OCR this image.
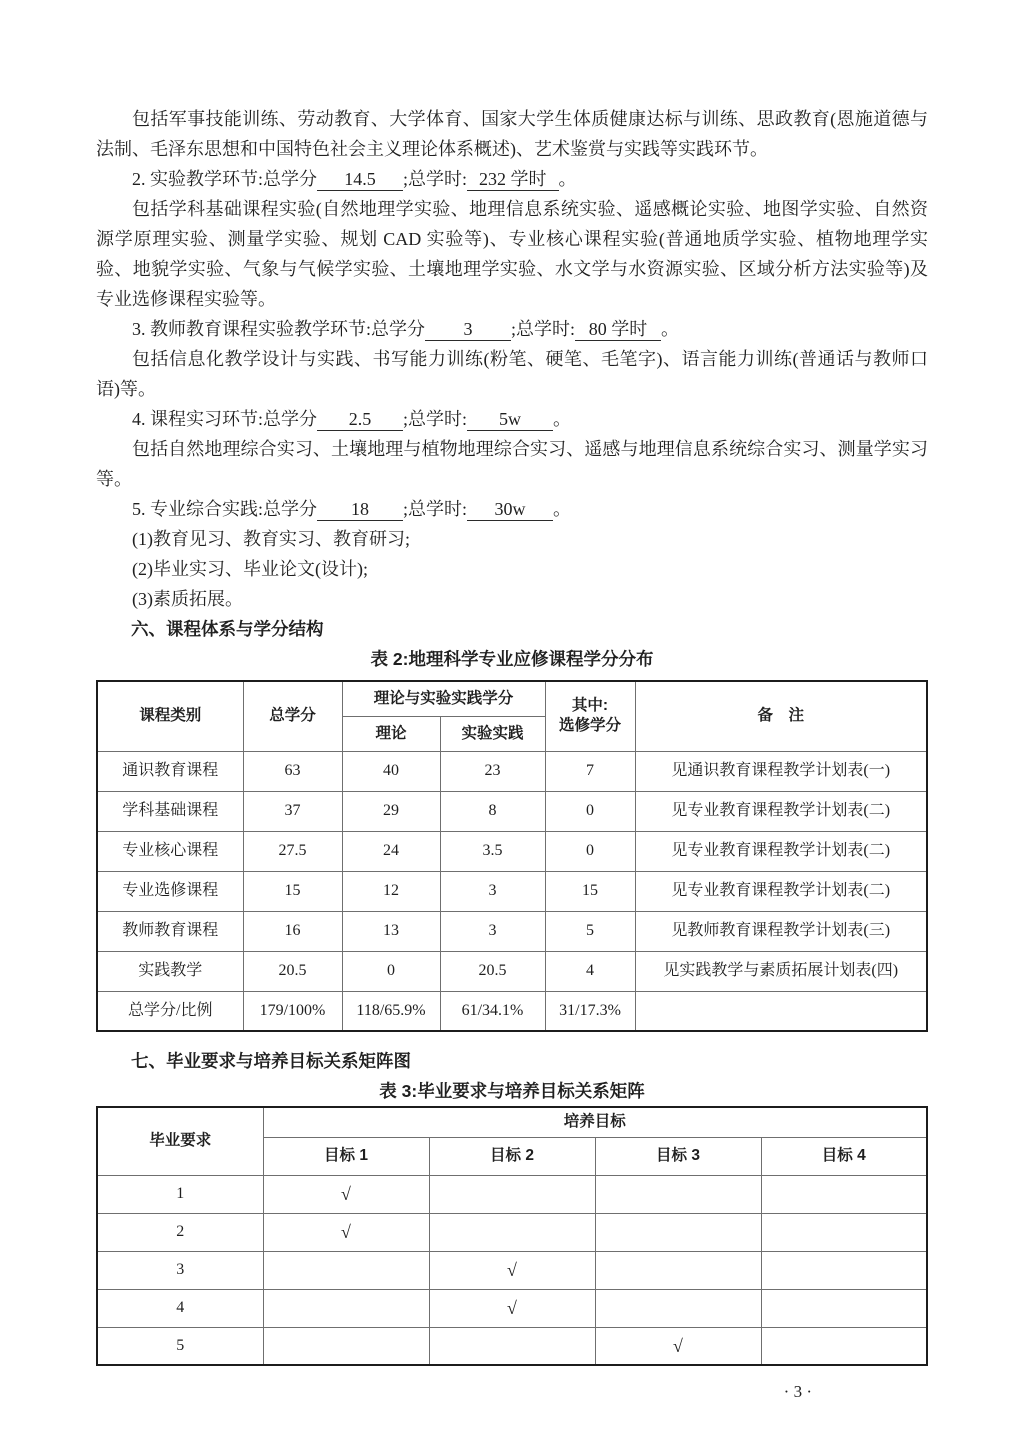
包括军事技能训练、劳动教育、大学体育、国家大学生体质健康达标与训练、思政教育(恩施道德与法制、毛泽东思想和中国特色社会主义理论体系概述)、艺术鉴赏与实践等实践环节。

2. 实验教学环节:总学分 14.5 ;总学时: 232 学时 。

包括学科基础课程实验(自然地理学实验、地理信息系统实验、遥感概论实验、地图学实验、自然资源学原理实验、测量学实验、规划 CAD 实验等)、专业核心课程实验(普通地质学实验、植物地理学实验、地貌学实验、气象与气候学实验、土壤地理学实验、水文学与水资源实验、区域分析方法实验等)及专业选修课程实验等。

3. 教师教育课程实验教学环节:总学分 3 ;总学时: 80 学时 。

包括信息化教学设计与实践、书写能力训练(粉笔、硬笔、毛笔字)、语言能力训练(普通话与教师口语)等。

4. 课程实习环节:总学分 2.5 ;总学时: 5w 。

包括自然地理综合实习、土壤地理与植物地理综合实习、遥感与地理信息系统综合实习、测量学实习等。

5. 专业综合实践:总学分 18 ;总学时: 30w 。

(1)教育见习、教育实习、教育研习;

(2)毕业实习、毕业论文(设计);

(3)素质拓展。

六、课程体系与学分结构
表 2:地理科学专业应修课程学分分布
课程类别	总学分	理论与实验实践学分		其中:
选修学分	备　注
		理论	实验实践		
通识教育课程	63	40	23	7	见通识教育课程教学计划表(一)
学科基础课程	37	29	8	0	见专业教育课程教学计划表(二)
专业核心课程	27.5	24	3.5	0	见专业教育课程教学计划表(二)
专业选修课程	15	12	3	15	见专业教育课程教学计划表(二)
教师教育课程	16	13	3	5	见教师教育课程教学计划表(三)
实践教学	20.5	0	20.5	4	见实践教学与素质拓展计划表(四)
总学分/比例	179/100%	118/65.9%	61/34.1%	31/17.3%	
七、毕业要求与培养目标关系矩阵图
表 3:毕业要求与培养目标关系矩阵
毕业要求	培养目标			
	目标 1	目标 2	目标 3	目标 4
1	√			
2	√			
3		√		
4		√		
5			√	
· 3 ·
